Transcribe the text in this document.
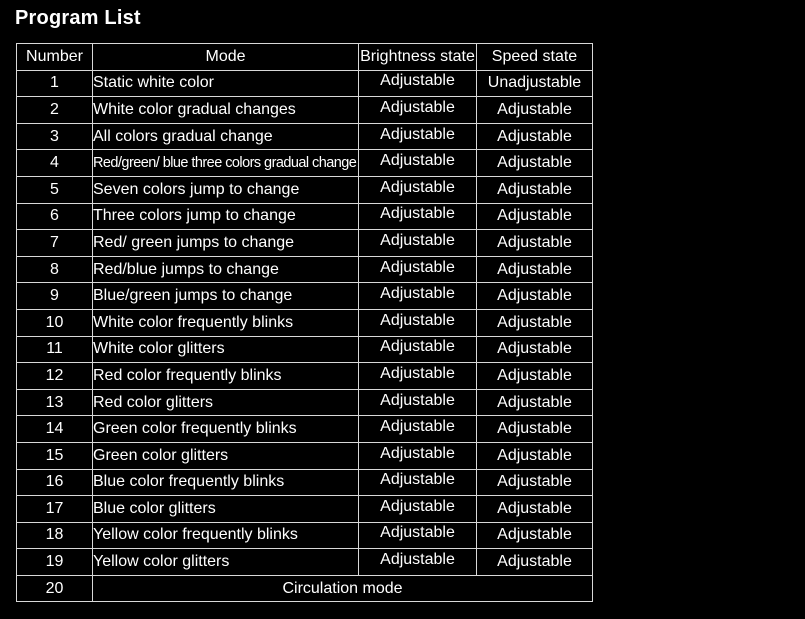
Program List
Number	Mode	Brightness state	Speed state
1	Static white color	Adjustable	Unadjustable
2	White color gradual changes	Adjustable	Adjustable
3	All colors gradual change	Adjustable	Adjustable
4	Red/green/ blue three colors gradual change	Adjustable	Adjustable
5	Seven colors jump to change	Adjustable	Adjustable
6	Three colors jump to change	Adjustable	Adjustable
7	Red/ green jumps to change	Adjustable	Adjustable
8	Red/blue jumps to change	Adjustable	Adjustable
9	Blue/green jumps to change	Adjustable	Adjustable
10	White color frequently blinks	Adjustable	Adjustable
11	White color glitters	Adjustable	Adjustable
12	Red color frequently blinks	Adjustable	Adjustable
13	Red color glitters	Adjustable	Adjustable
14	Green color frequently blinks	Adjustable	Adjustable
15	Green color glitters	Adjustable	Adjustable
16	Blue color frequently blinks	Adjustable	Adjustable
17	Blue color glitters	Adjustable	Adjustable
18	Yellow color frequently blinks	Adjustable	Adjustable
19	Yellow color glitters	Adjustable	Adjustable
20	Circulation mode		
